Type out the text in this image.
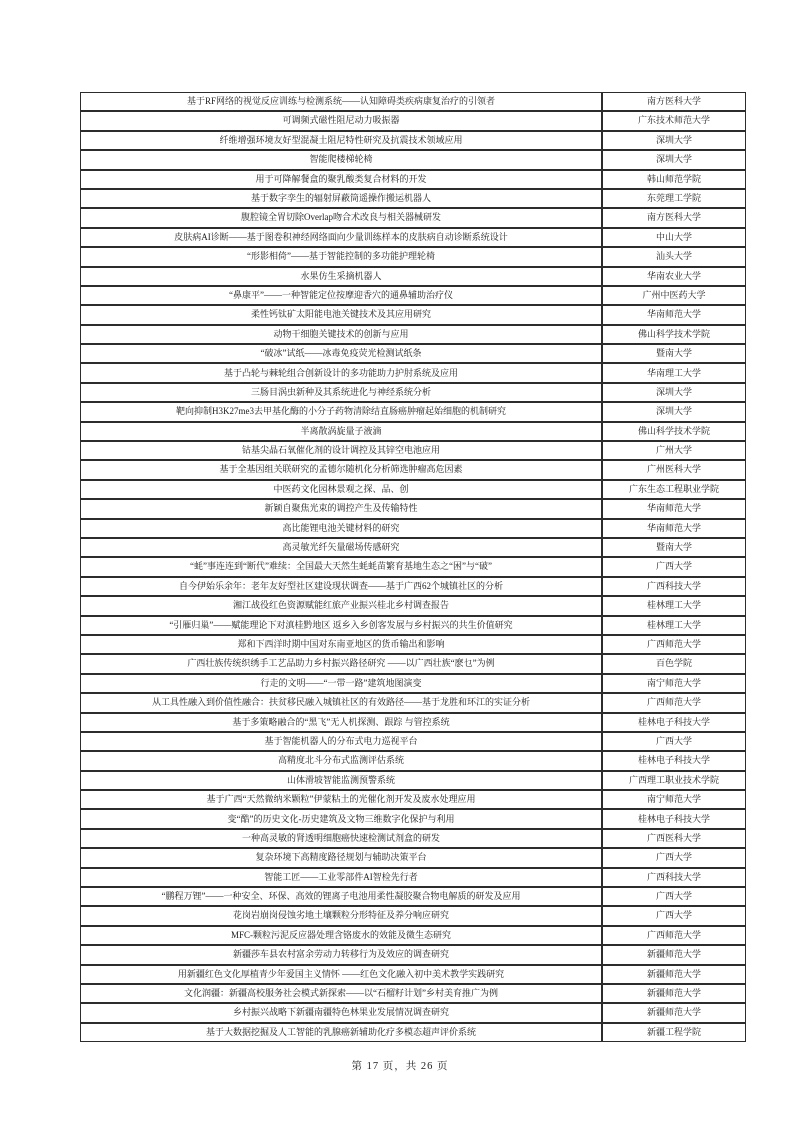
基于RF网络的视觉反应训练与检测系统——认知障碍类疾病康复治疗的引领者	南方医科大学
可调频式磁性阻尼动力吸振器	广东技术师范大学
纤维增强环境友好型混凝土阻尼特性研究及抗震技术领域应用	深圳大学
智能爬楼梯轮椅	深圳大学
用于可降解餐盒的聚乳酸类复合材料的开发	韩山师范学院
基于数字孪生的辐射屏蔽筒遥操作搬运机器人	东莞理工学院
腹腔镜全胃切除Overlap吻合术改良与相关器械研发	南方医科大学
皮肤病AI诊断——基于图卷积神经网络面向少量训练样本的皮肤病自动诊断系统设计	中山大学
“形影相倚”——基于智能控制的多功能护理轮椅	汕头大学
水果仿生采摘机器人	华南农业大学
“鼻康平”——一种智能定位按摩迎香穴的通鼻辅助治疗仪	广州中医药大学
柔性钙钛矿太阳能电池关键技术及其应用研究	华南师范大学
动物干细胞关键技术的创新与应用	佛山科学技术学院
“破冰”试纸——冰毒免疫荧光检测试纸条	暨南大学
基于凸轮与棘轮组合创新设计的多功能助力护肘系统及应用	华南理工大学
三肠目涡虫新种及其系统进化与神经系统分析	深圳大学
靶向抑制H3K27me3去甲基化酶的小分子药物清除结直肠癌肿瘤起始细胞的机制研究	深圳大学
半离散涡旋量子液滴	佛山科学技术学院
钴基尖晶石氧催化剂的设计调控及其锌空电池应用	广州大学
基于全基因组关联研究的孟德尔随机化分析筛选肿瘤高危因素	广州医科大学
中医药文化园林景观之探、品、创	广东生态工程职业学院
新颖自聚焦光束的调控产生及传输特性	华南师范大学
高比能锂电池关键材料的研究	华南师范大学
高灵敏光纤矢量磁场传感研究	暨南大学
“蚝”事连连到“断代”难续：全国最大天然生蚝蚝苗繁育基地生态之“困”与“破”	广西大学
自今伊始乐余年：老年友好型社区建设现状调查——基于广西62个城镇社区的分析	广西科技大学
湘江战役红色资源赋能红旅产业振兴桂北乡村调查报告	桂林理工大学
“引雁归巢”——赋能理论下对滇桂黔地区 返乡入乡创客发展与乡村振兴的共生价值研究	桂林理工大学
郑和下西洋时期中国对东南亚地区的货币输出和影响	广西师范大学
广西壮族传统织绣手工艺品助力乡村振兴路径研究 ——以广西壮族“麽乜”为例	百色学院
行走的文明——“一带一路”建筑地图演变	南宁师范大学
从工具性融入到价值性融合：扶贫移民融入城镇社区的有效路径——基于龙胜和环江的实证分析	广西师范大学
基于多策略融合的“黑飞”无人机探测、跟踪 与管控系统	桂林电子科技大学
基于智能机器人的分布式电力巡视平台	广西大学
高精度北斗分布式监测评估系统	桂林电子科技大学
山体滑坡智能监测预警系统	广西理工职业技术学院
基于广西“天然微纳米颗粒”伊蒙粘土的光催化剂开发及废水处理应用	南宁师范大学
变“酷”的历史文化-历史建筑及文物三维数字化保护与利用	桂林电子科技大学
一种高灵敏的肾透明细胞癌快速检测试剂盒的研发	广西医科大学
复杂环境下高精度路径规划与辅助决策平台	广西大学
智能工匠——工业零部件AI智检先行者	广西科技大学
“鹏程万锂”——一种安全、环保、高效的锂离子电池用柔性凝胶聚合物电解质的研发及应用	广西大学
花岗岩崩岗侵蚀劣地土壤颗粒分形特征及养分响应研究	广西大学
MFC-颗粒污泥反应器处理含铬废水的效能及微生态研究	广西师范大学
新疆莎车县农村富余劳动力转移行为及效应的调查研究	新疆师范大学
用新疆红色文化厚植青少年爱国主义情怀 ——红色文化融入初中美术教学实践研究	新疆师范大学
文化润疆：新疆高校服务社会模式新探索——以“石榴籽计划”乡村美育推广为例	新疆师范大学
乡村振兴战略下新疆南疆特色林果业发展情况调查研究	新疆师范大学
基于大数据挖掘及人工智能的乳腺癌新辅助化疗多模态超声评价系统	新疆工程学院
第 17 页，共 26 页
